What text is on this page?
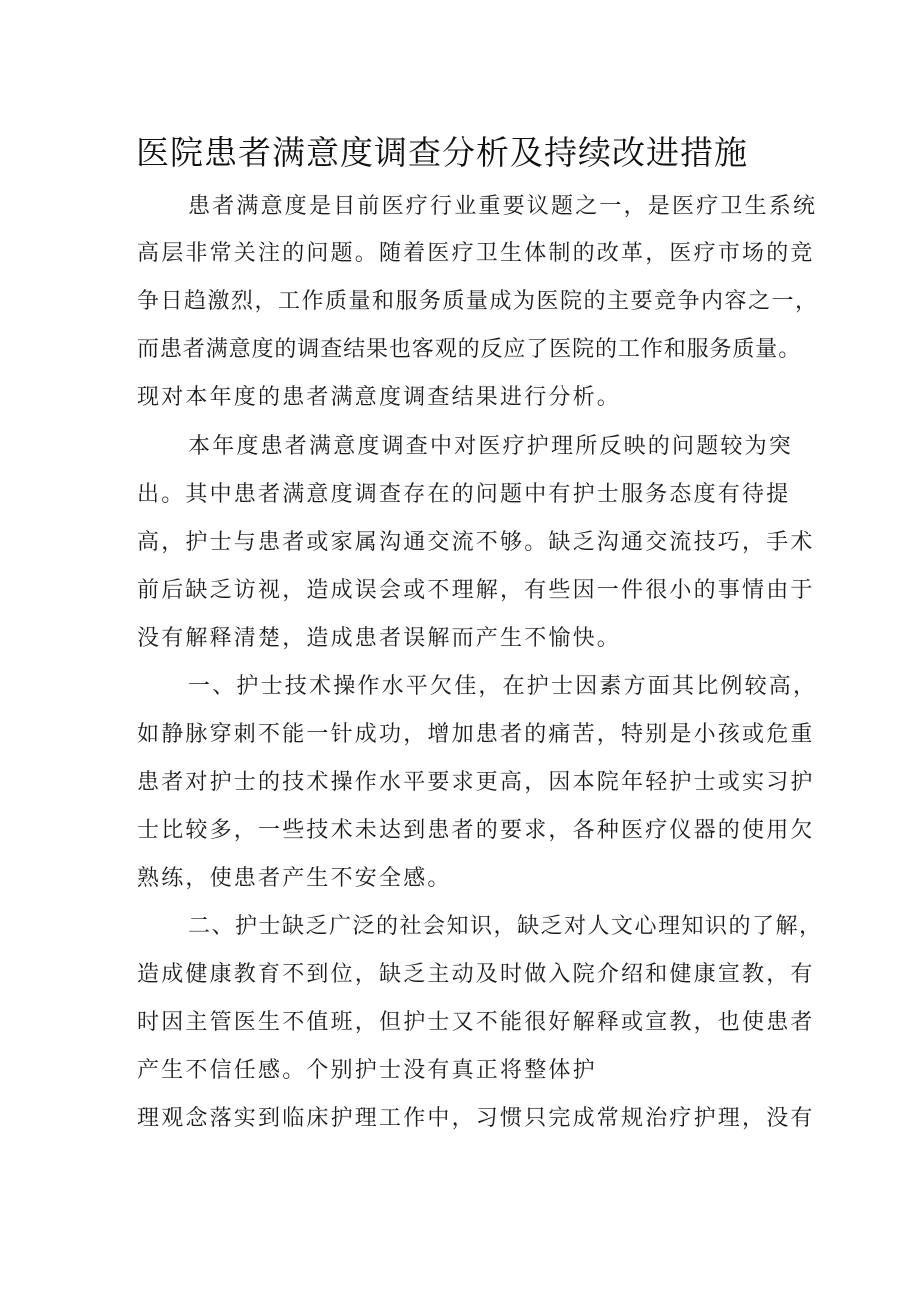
医院患者满意度调查分析及持续改进措施
患者满意度是目前医疗行业重要议题之一，是医疗卫生系统
高层非常关注的问题。随着医疗卫生体制的改革，医疗市场的竞
争日趋激烈，工作质量和服务质量成为医院的主要竞争内容之一，
而患者满意度的调查结果也客观的反应了医院的工作和服务质量。
现对本年度的患者满意度调查结果进行分析。
本年度患者满意度调查中对医疗护理所反映的问题较为突
出。其中患者满意度调查存在的问题中有护士服务态度有待提
高，护士与患者或家属沟通交流不够。缺乏沟通交流技巧，手术
前后缺乏访视，造成误会或不理解，有些因一件很小的事情由于
没有解释清楚，造成患者误解而产生不愉快。
一、护士技术操作水平欠佳，在护士因素方面其比例较高，
如静脉穿刺不能一针成功，增加患者的痛苦，特别是小孩或危重
患者对护士的技术操作水平要求更高，因本院年轻护士或实习护
士比较多，一些技术未达到患者的要求，各种医疗仪器的使用欠
熟练，使患者产生不安全感。
二、护士缺乏广泛的社会知识，缺乏对人文心理知识的了解，
造成健康教育不到位，缺乏主动及时做入院介绍和健康宣教，有
时因主管医生不值班，但护士又不能很好解释或宣教，也使患者
产生不信任感。个别护士没有真正将整体护
理观念落实到临床护理工作中，习惯只完成常规治疗护理，没有
